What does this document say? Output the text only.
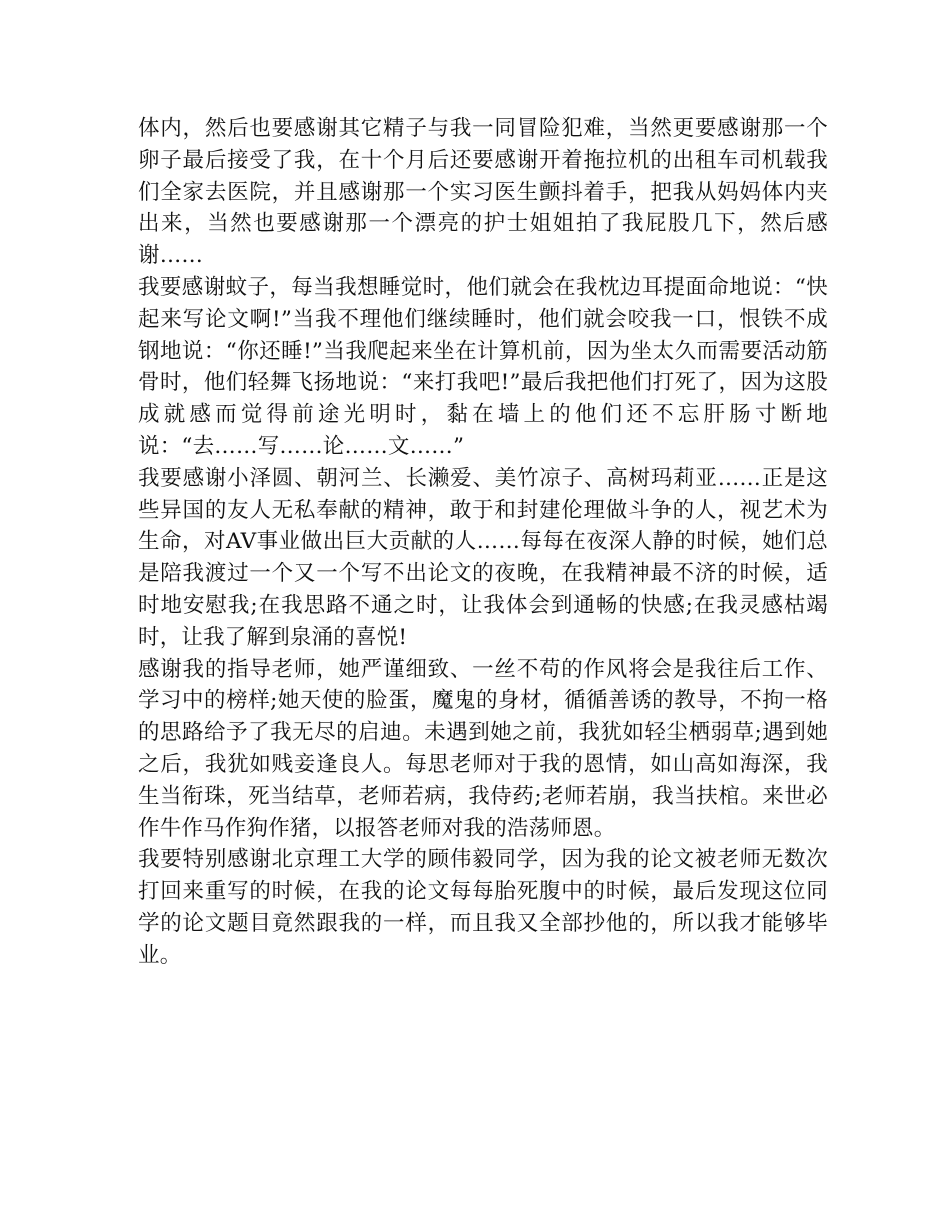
体内，然后也要感谢其它精子与我一同冒险犯难，当然更要感谢那一个卵子最后接受了我，在十个月后还要感谢开着拖拉机的出租车司机载我们全家去医院，并且感谢那一个实习医生颤抖着手，把我从妈妈体内夹出来，当然也要感谢那一个漂亮的护士姐姐拍了我屁股几下，然后感谢……

我要感谢蚊子，每当我想睡觉时，他们就会在我枕边耳提面命地说：“快起来写论文啊!”当我不理他们继续睡时，他们就会咬我一口，恨铁不成钢地说：“你还睡!”当我爬起来坐在计算机前，因为坐太久而需要活动筋骨时，他们轻舞飞扬地说：“来打我吧!”最后我把他们打死了，因为这股成就感而觉得前途光明时，黏在墙上的他们还不忘肝肠寸断地说：“去……写……论……文……”

我要感谢小泽圆、朝河兰、长濑爱、美竹凉子、高树玛莉亚……正是这些异国的友人无私奉献的精神，敢于和封建伦理做斗争的人，视艺术为生命，对AV事业做出巨大贡献的人……每每在夜深人静的时候，她们总是陪我渡过一个又一个写不出论文的夜晚，在我精神最不济的时候，适时地安慰我;在我思路不通之时，让我体会到通畅的快感;在我灵感枯竭时，让我了解到泉涌的喜悦!

感谢我的指导老师，她严谨细致、一丝不苟的作风将会是我往后工作、学习中的榜样;她天使的脸蛋，魔鬼的身材，循循善诱的教导，不拘一格的思路给予了我无尽的启迪。未遇到她之前，我犹如轻尘栖弱草;遇到她之后，我犹如贱妾逢良人。每思老师对于我的恩情，如山高如海深，我生当衔珠，死当结草，老师若病，我侍药;老师若崩，我当扶棺。来世必作牛作马作狗作猪，以报答老师对我的浩荡师恩。

我要特别感谢北京理工大学的顾伟毅同学，因为我的论文被老师无数次打回来重写的时候，在我的论文每每胎死腹中的时候，最后发现这位同学的论文题目竟然跟我的一样，而且我又全部抄他的，所以我才能够毕业。
